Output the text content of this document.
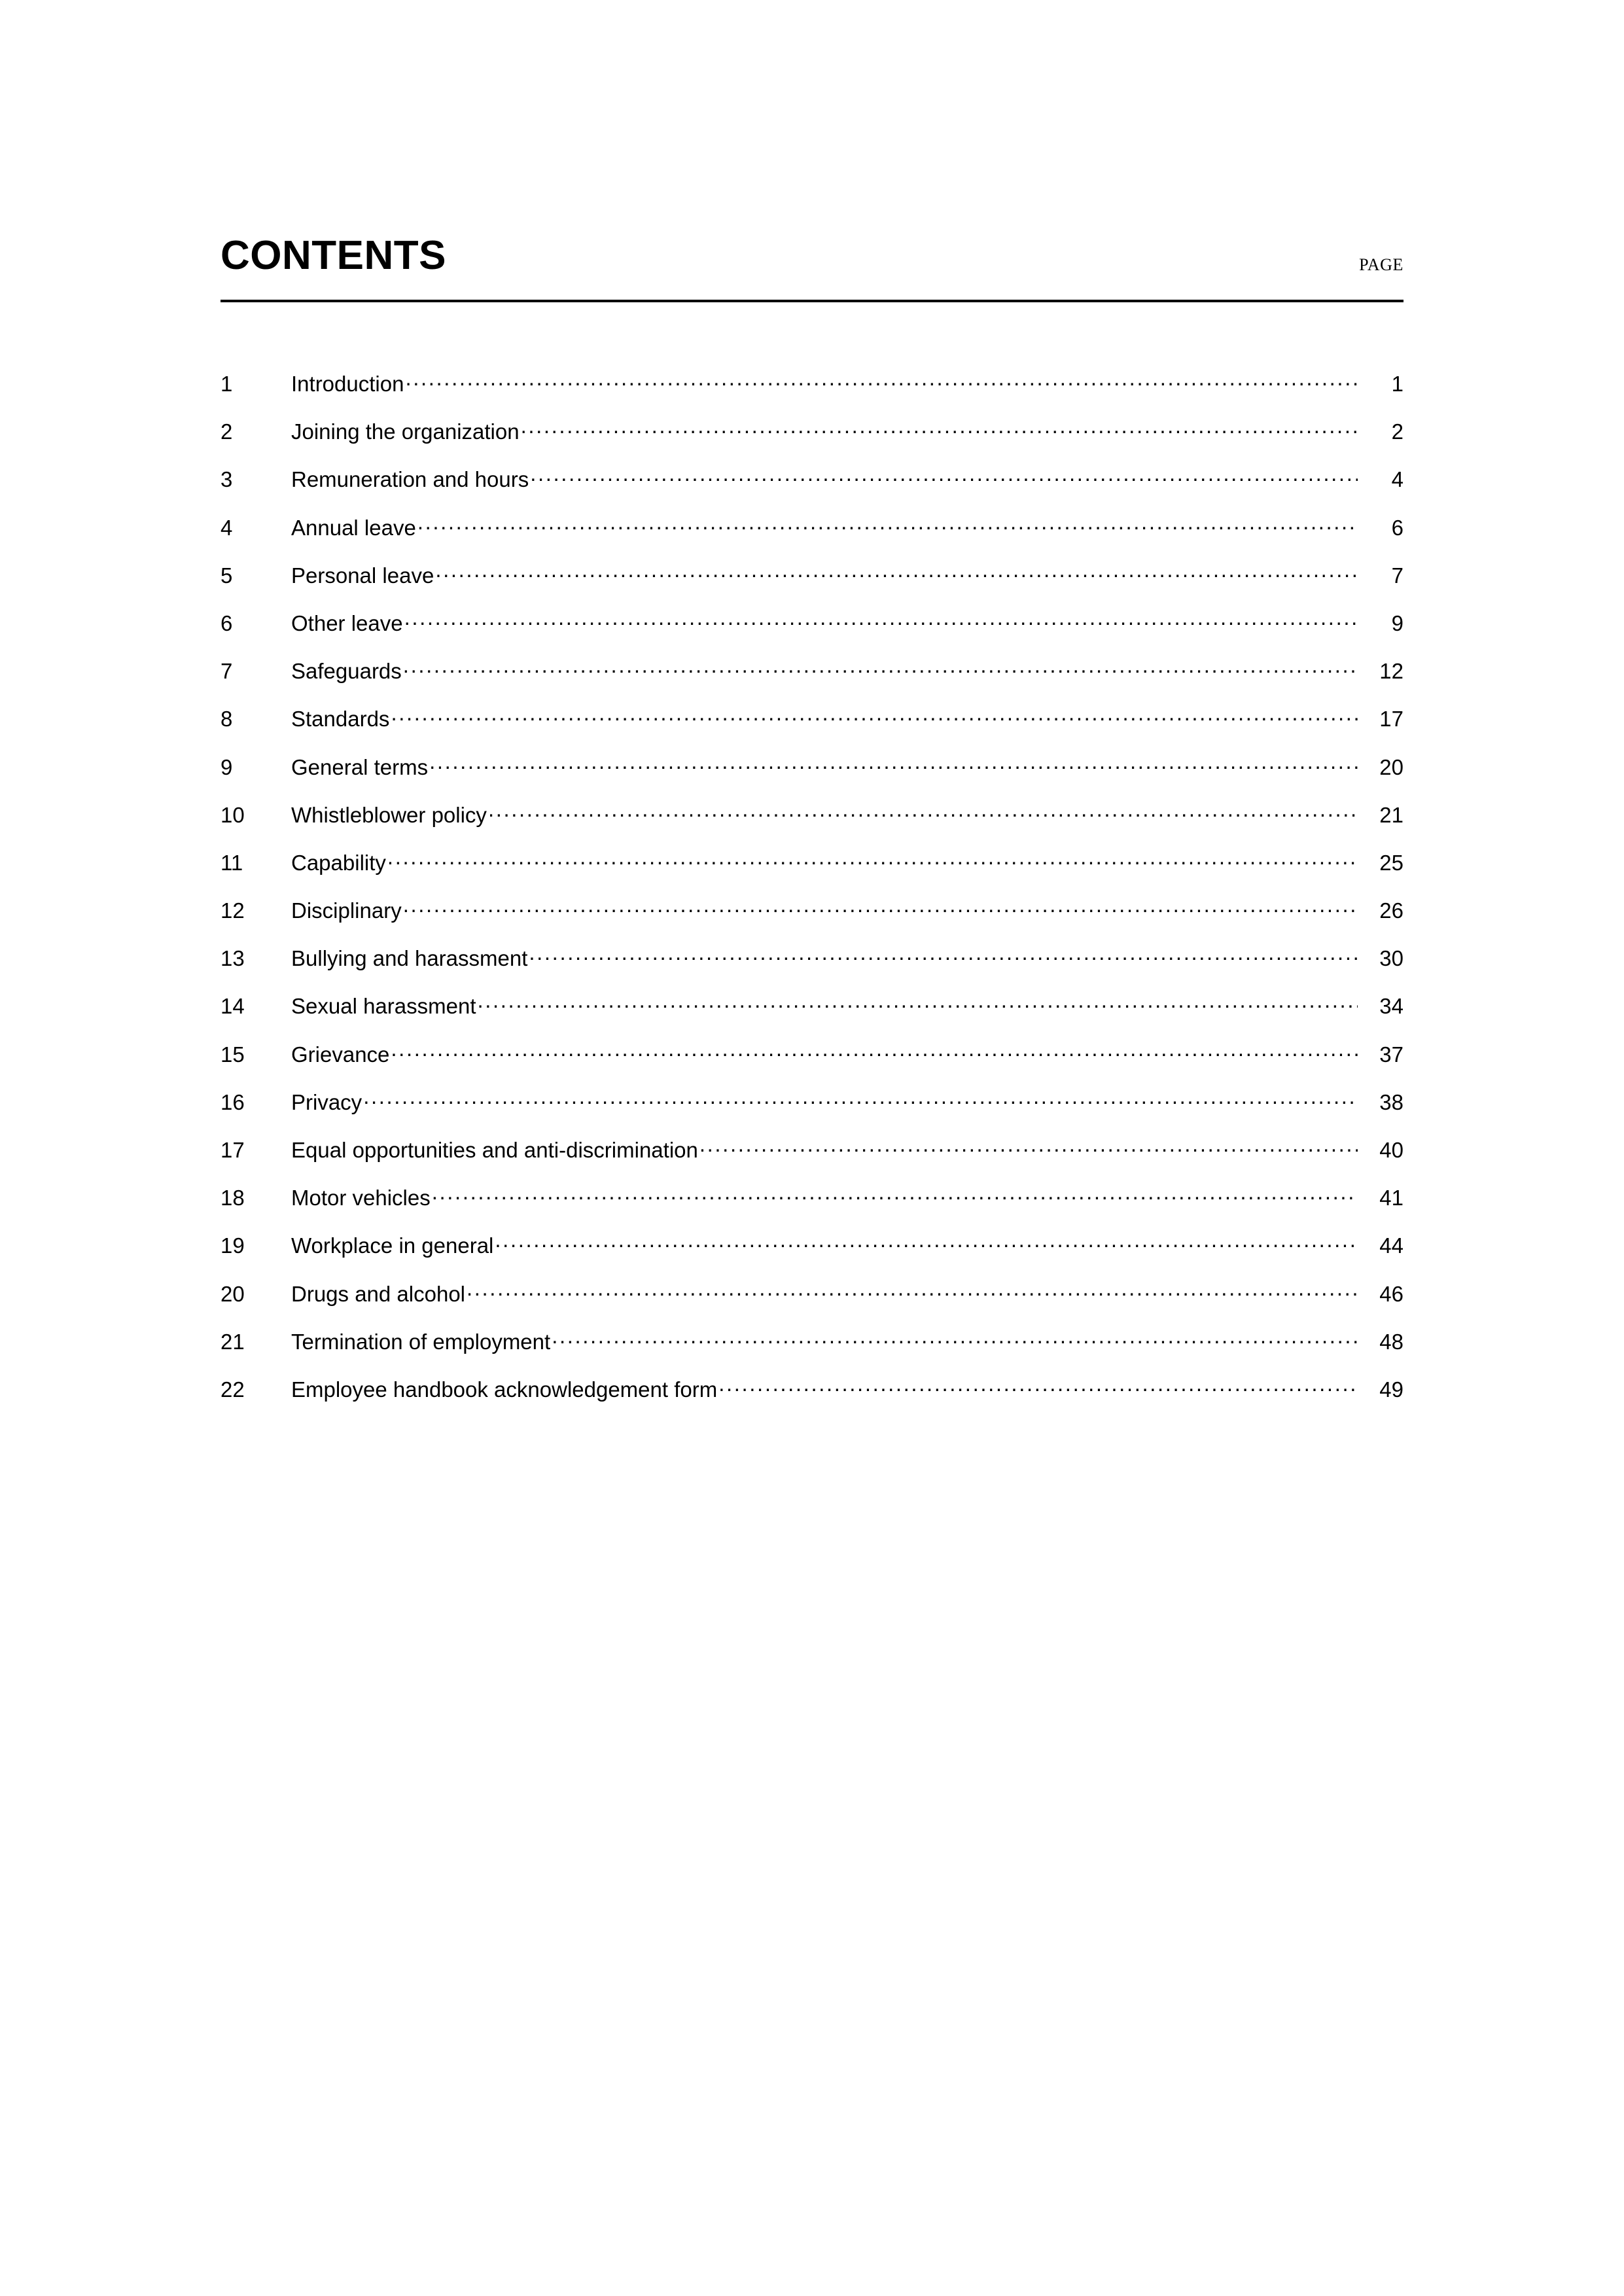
CONTENTS	PAGE
1	Introduction .....	1
2	Joining the organization .....	2
3	Remuneration and hours .....	4
4	Annual leave .....	6
5	Personal leave .....	7
6	Other leave .....	9
7	Safeguards .....	12
8	Standards .....	17
9	General terms .....	20
10	Whistleblower policy .....	21
11	Capability .....	25
12	Disciplinary .....	26
13	Bullying and harassment .....	30
14	Sexual harassment .....	34
15	Grievance .....	37
16	Privacy .....	38
17	Equal opportunities and anti-discrimination .....	40
18	Motor vehicles .....	41
19	Workplace in general .....	44
20	Drugs and alcohol .....	46
21	Termination of employment .....	48
22	Employee handbook acknowledgement form .....	49
